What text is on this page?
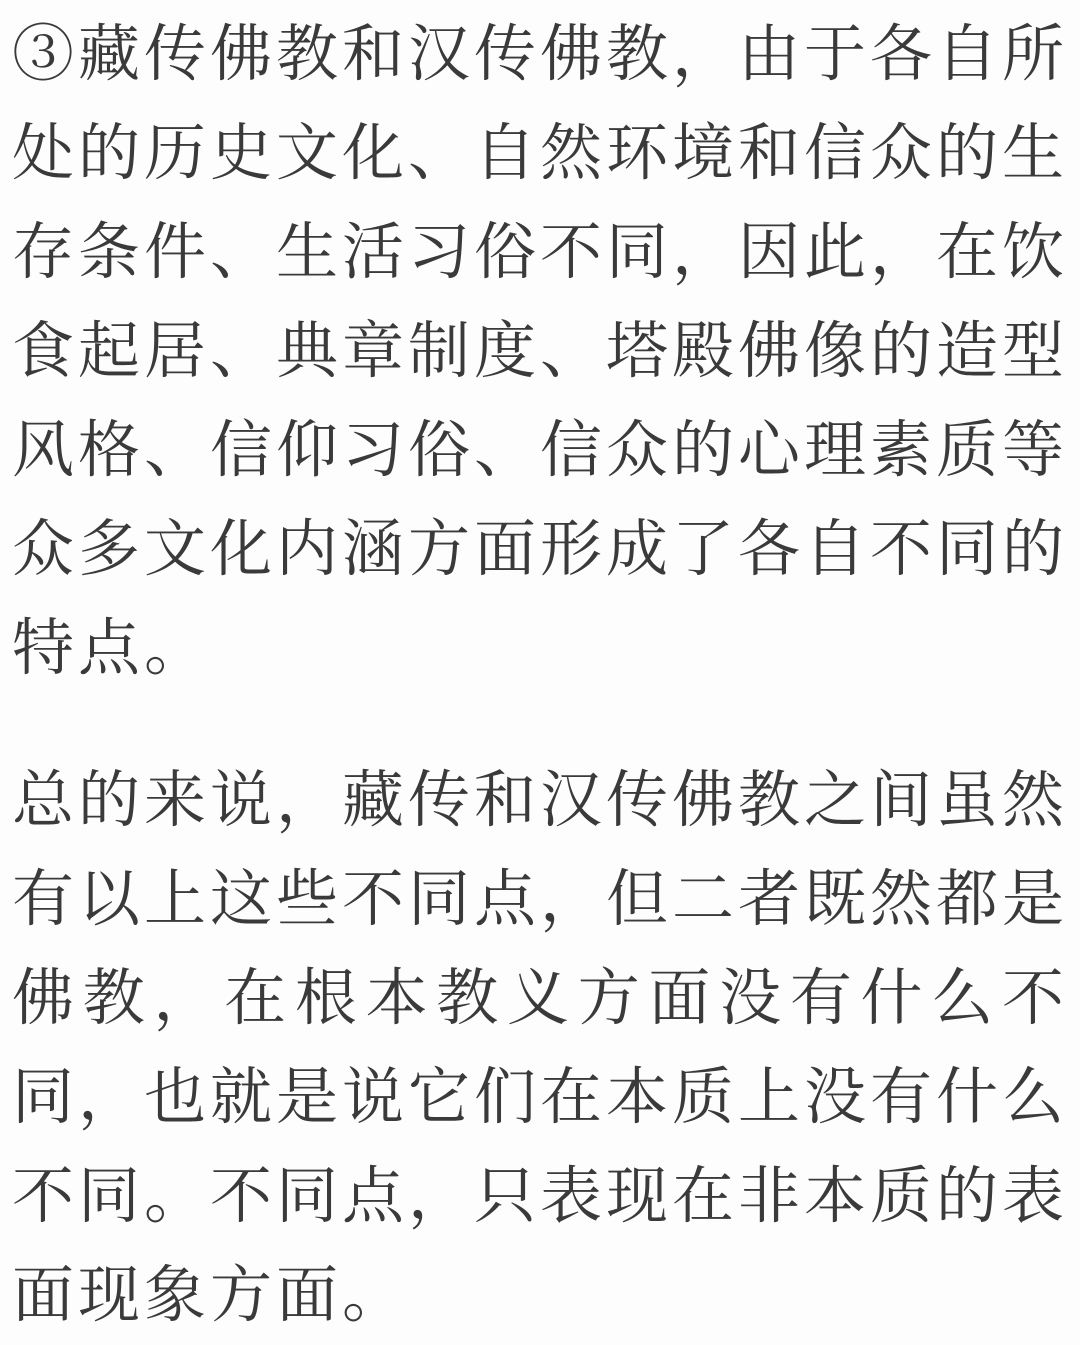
③藏传佛教和汉传佛教，由于各自所
处的历史文化、自然环境和信众的生
存条件、生活习俗不同，因此，在饮
食起居、典章制度、塔殿佛像的造型
风格、信仰习俗、信众的心理素质等
众多文化内涵方面形成了各自不同的
特点。
总的来说，藏传和汉传佛教之间虽然
有以上这些不同点，但二者既然都是
佛教，在根本教义方面没有什么不
同，也就是说它们在本质上没有什么
不同。不同点，只表现在非本质的表
面现象方面。
